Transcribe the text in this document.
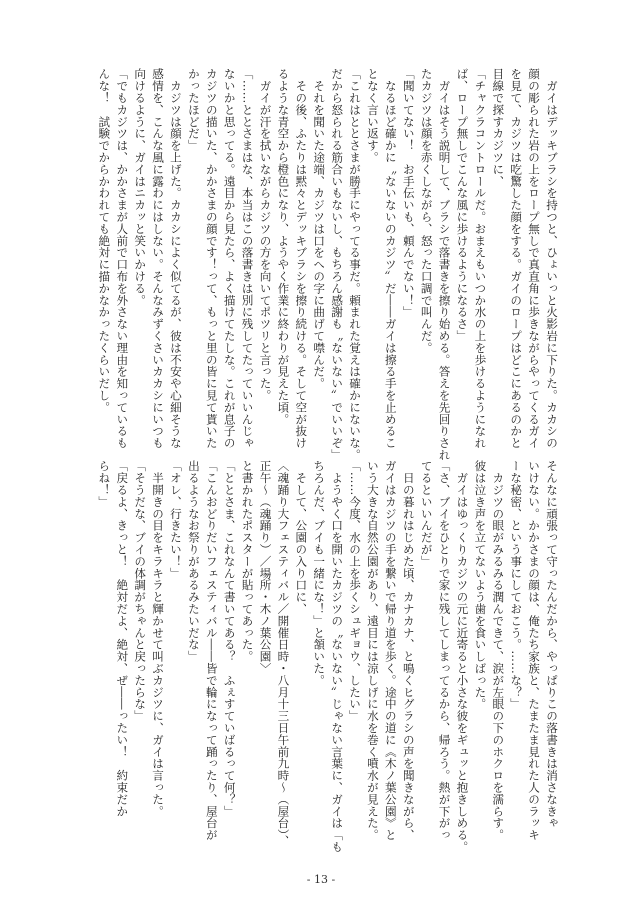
　ガイはデッキブラシを持つと、ひょいっと火影岩に下りた。カカシの
顔の彫られた岩の上をロープ無しで真直角に歩きながらやってくるガイ
を見て、カジツは吃驚した顔をする。ガイのロープはどこにあるのかと
目線で探すカジツに、
「チャクラコントロールだ。おまえもいつか水の上を歩けるようになれ
ば、ロープ無しでこんな風に歩けるようになるさ」
　ガイはそう説明して、ブラシで落書きを擦り始める。答えを先回りされ
たカジツは顔を赤くしながら、怒った口調で叫んだ。
「聞いてない！　お手伝いも、頼んでない！」
　なるほど確かに〝ないないのカジツ〟だ――ガイは擦る手を止めるこ
となく言い返す。
「これはととさまが勝手にやってる事だ。頼まれた覚えは確かにないな。
だから怒られる筋合いもないし、もちろん感謝も〝ないない〟でいいぞ」
　それを聞いた途端、カジツは口をへの字に曲げて噤んだ。
　その後、ふたりは黙々とデッキブラシを擦り続ける。そして空が抜け
るような青空から橙色になり、ようやく作業に終わりが見えた頃。
　ガイが汗を拭いながらカジツの方を向いてポツリと言った。
「……ととさまはな、本当はこの落書きは別に残してたっていいんじゃ
ないかと思ってる。遠目から見たら、よく描けてたしな。これが息子の
カジツの描いた、かかさまの顔です！って、もっと里の皆に見て貰いた
かったほどだ」
　カジツは顔を上げた。カカシによく似てるが、彼は不安や心細そうな
感情を、こんな風に露わにはしない。そんなみずくさいカカシにいつも
向けるように、ガイはニカッと笑いかける。
「でもカジツは、かかさまが人前で口布を外さない理由を知っているも
んな！　試験でからかわれても絶対に描かなかったくらいだし。
そんなに頑張って守ったんだから、やっぱりこの落書きは消さなきゃ
いけない。かかさまの顔は、俺たち家族と、たまたま見れた人のラッキ
ーな秘密、という事にしておこう。……な？」
　カジツの眼がみるみる潤んできて、涙が左眼の下のホクロを濡らす。
彼は泣き声を立てないよう歯を食いしばった。
　ガイはゆっくりカジツの元に近寄ると小さな彼をギュッと抱きしめる。
「さ、ブイをひとりで家に残してしまってるから、帰ろう。熱が下がっ
てるといいんだが」
　日の暮れはじめた頃、カナカナ、と鳴くヒグラシの声を聞きながら、
ガイはカジツの手を繋いで帰り道を歩く。途中の道に《木ノ葉公園》と
いう大きな自然公園があり、遠目には涼しげに水を巻く噴水が見えた。
「……今度、水の上を歩くシュギョウ、したい」
　ようやく口を開いたカジツの〝ないない〟じゃない言葉に、ガイは「も
ちろんだ、ブイも一緒にな！」と頷いた。
　そして、公園の入り口に、
〈魂踊り大フェスティバル／開催日時・八月十三日午前九時～（屋台）、
正午～（魂踊り）／場所・木ノ葉公園〉
と書かれたポスターが貼ってあった。
「ととさま、これなんて書いてある？　ふぇすていばるって何？」
「こんおどりだいフェスティバル――皆で輪になって踊ったり、屋台が
出るようなお祭りがあるみたいだな」
「オレ、行きたい！」
　半開きの目をキラキラと輝かせて叫ぶカジツに、ガイは言った。
「そうだな、ブイの体調がちゃんと戻ったらな」
「戻るよ、きっと！　絶対だよ、絶対、ぜ――ったい！　約束だか
らね！」
- 13 -
